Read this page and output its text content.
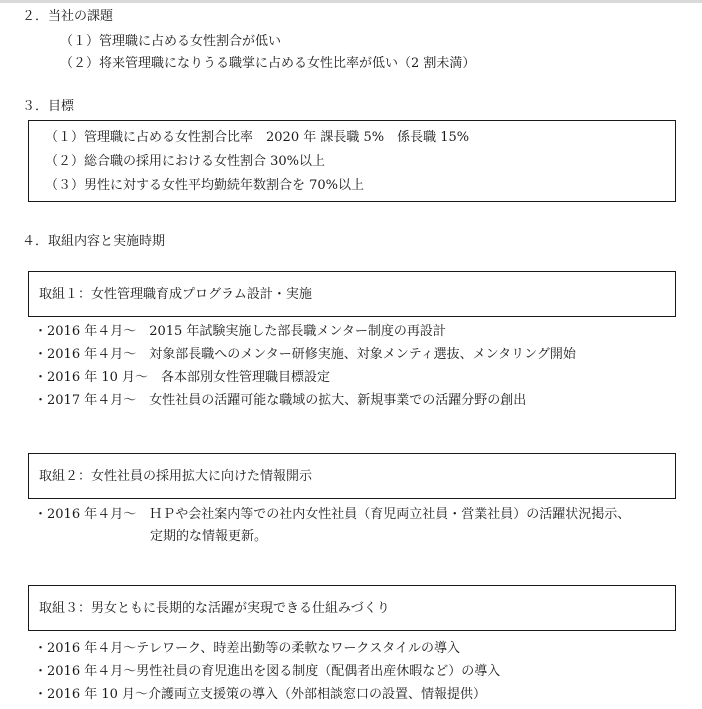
２．当社の課題
（１）管理職に占める女性割合が低い
（２）将来管理職になりうる職掌に占める女性比率が低い（2 割未満）
３．目標
（１）管理職に占める女性割合比率　2020 年 課長職 5%　係長職 15%
（２）総合職の採用における女性割合 30%以上
（３）男性に対する女性平均勤続年数割合を 70%以上
４．取組内容と実施時期
取組１：女性管理職育成プログラム設計・実施
・2016 年４月～　2015 年試験実施した部長職メンター制度の再設計
・2016 年４月～　対象部長職へのメンター研修実施、対象メンティ選抜、メンタリング開始
・2016 年 10 月～　各本部別女性管理職目標設定
・2017 年４月～　女性社員の活躍可能な職域の拡大、新規事業での活躍分野の創出
取組２：女性社員の採用拡大に向けた情報開示
・2016 年４月～　ＨＰや会社案内等での社内女性社員（育児両立社員・営業社員）の活躍状況掲示、
定期的な情報更新。
取組３：男女ともに長期的な活躍が実現できる仕組みづくり
・2016 年４月～テレワーク、時差出勤等の柔軟なワークスタイルの導入
・2016 年４月～男性社員の育児進出を図る制度（配偶者出産休暇など）の導入
・2016 年 10 月～介護両立支援策の導入（外部相談窓口の設置、情報提供）
